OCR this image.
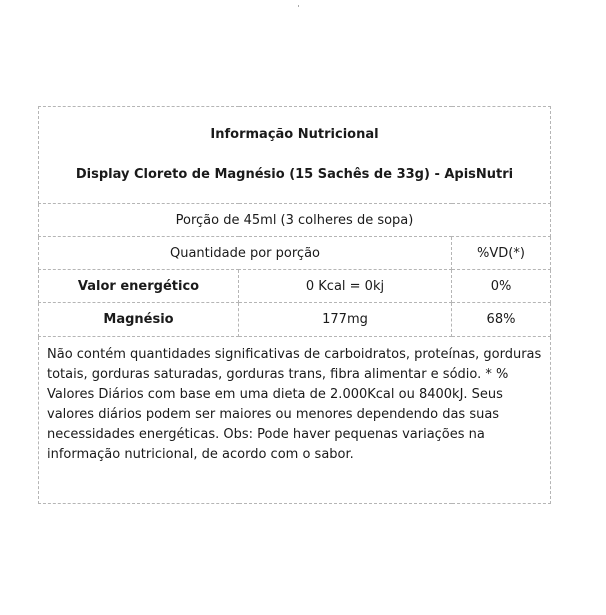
˙
Informação Nutricional
Display Cloreto de Magnésio (15 Sachês de 33g) - ApisNutri		

Porção de 45ml (3 colheres de sopa)		
Quantidade por porção		%VD(*)
Valor energético	0 Kcal = 0kj	0%
Magnésio	177mg	68%
Não contém quantidades significativas de carboidratos, proteínas, gorduras totais, gorduras saturadas, gorduras trans, fibra alimentar e sódio. * % Valores Diários com base em uma dieta de 2.000Kcal ou 8400kJ. Seus valores diários podem ser maiores ou menores dependendo das suas necessidades energéticas. Obs: Pode haver pequenas variações na informação nutricional, de acordo com o sabor.		
